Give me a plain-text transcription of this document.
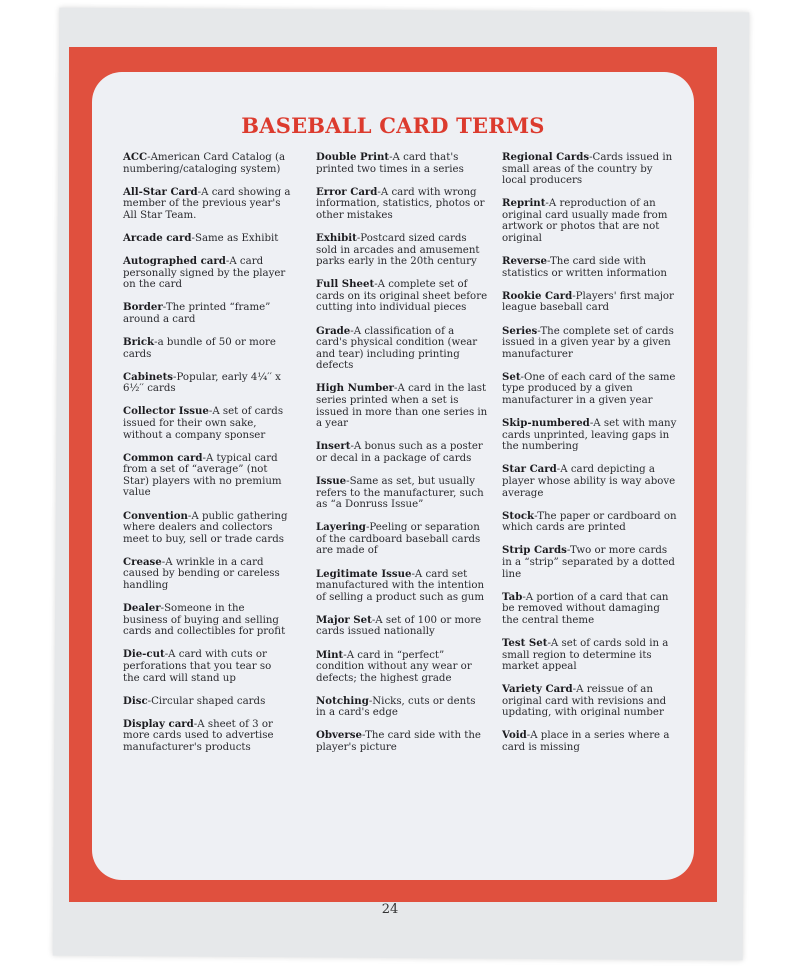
BASEBALL CARD TERMS
ACC-American Card Catalog (a numbering/cataloging system)
All-Star Card-A card showing a member of the previous year's All Star Team.
Arcade card-Same as Exhibit
Autographed card-A card personally signed by the player on the card
Border-The printed “frame” around a card
Brick-a bundle of 50 or more cards
Cabinets-Popular, early 4¼′′ x 6½′′ cards
Collector Issue-A set of cards issued for their own sake, without a company sponser
Common card-A typical card from a set of “average” (not Star) players with no premium value
Convention-A public gathering where dealers and collectors meet to buy, sell or trade cards
Crease-A wrinkle in a card caused by bending or careless handling
Dealer-Someone in the business of buying and selling cards and collectibles for profit
Die-cut-A card with cuts or perforations that you tear so the card will stand up
Disc-Circular shaped cards
Display card-A sheet of 3 or more cards used to advertise manufacturer's products
Double Print-A card that's printed two times in a series
Error Card-A card with wrong information, statistics, photos or other mistakes
Exhibit-Postcard sized cards sold in arcades and amusement parks early in the 20th century
Full Sheet-A complete set of cards on its original sheet before cutting into individual pieces
Grade-A classification of a card's physical condition (wear and tear) including printing defects
High Number-A card in the last series printed when a set is issued in more than one series in a year
Insert-A bonus such as a poster or decal in a package of cards
Issue-Same as set, but usually refers to the manufacturer, such as “a Donruss Issue”
Layering-Peeling or separation of the cardboard baseball cards are made of
Legitimate Issue-A card set manufactured with the intention of selling a product such as gum
Major Set-A set of 100 or more cards issued nationally
Mint-A card in “perfect” condition without any wear or defects; the highest grade
Notching-Nicks, cuts or dents in a card's edge
Obverse-The card side with the player's picture
Regional Cards-Cards issued in small areas of the country by local producers
Reprint-A reproduction of an original card usually made from artwork or photos that are not original
Reverse-The card side with statistics or written information
Rookie Card-Players' first major league baseball card
Series-The complete set of cards issued in a given year by a given manufacturer
Set-One of each card of the same type produced by a given manufacturer in a given year
Skip-numbered-A set with many cards unprinted, leaving gaps in the numbering
Star Card-A card depicting a player whose ability is way above average
Stock-The paper or cardboard on which cards are printed
Strip Cards-Two or more cards in a “strip” separated by a dotted line
Tab-A portion of a card that can be removed without damaging the central theme
Test Set-A set of cards sold in a small region to determine its market appeal
Variety Card-A reissue of an original card with revisions and updating, with original number
Void-A place in a series where a card is missing
24
